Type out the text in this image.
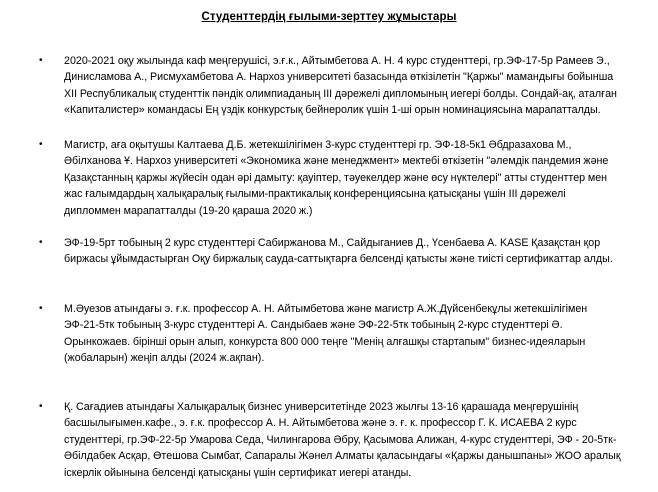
Студенттердің ғылыми-зерттеу жұмыстары
• 2020-2021 оқу жылында каф меңгерушісі, э.ғ.к., Айтымбетова А. Н. 4 курс студенттері, гр.ЭФ-17-5р Рамеев Э., Динисламова А., Рисмухамбетова А. Нархоз университеті базасында өткізілетін "Қаржы" мамандығы бойынша XII Республикалық студенттік пәндік олимпиаданың III дәрежелі дипломының иегері болды. Сондай-ақ, аталған «Капиталистер» командасы Ең үздік конкурстық бейнеролик үшін 1-ші орын номинациясына марапатталды.
• Магистр, аға оқытушы Калтаева Д.Б. жетекшілігімен 3-курс студенттері гр. ЭФ-18-5к1 Әбдразахова М., Әбілханова Ұ. Нархоз университеті «Экономика және менеджмент» мектебі өткізетін "әлемдік пандемия және Қазақстанның қаржы жүйесін одан әрі дамыту: қауіптер, тәуекелдер және өсу нүктелері" атты студенттер мен жас ғалымдардың халықаралық ғылыми-практикалық конференциясына қатысқаны үшін III дәрежелі дипломмен марапатталды (19-20 қараша 2020 ж.)
• ЭФ-19-5рт тобының 2 курс студенттері Сабиржанова М., Сайдыганиев Д., Үсенбаева А. KASE Қазақстан қор биржасы ұйымдастырған Оқу биржалық сауда-саттықтарға белсенді қатысты және тиісті сертификаттар алды.
• М.Әуезов атындағы э. ғ.к. профессор А. Н. Айтымбетова және магистр А.Ж.Дүйсенбекұлы жетекшілігімен ЭФ-21-5тк тобының 3-курс студенттері А. Сандыбаев және ЭФ-22-5тк тобының 2-курс студенттері Ә. Орынкожаев. бірінші орын алып, конкурста 800 000 теңге "Менің алғашқы стартапым" бизнес-идеяларын (жобаларын) жеңіп алды (2024 ж.ақпан).
• Қ. Сағадиев атындағы Халықаралық бизнес университетінде 2023 жылғы 13-16 қарашада меңгерушінің басшылығымен.кафе., э. ғ.к. профессор А. Н. Айтымбетова және э. ғ. к. профессор Г. К. ИСАЕВА 2 курс студенттері, гр.ЭФ-22-5р Умарова Седа, Чилингарова Әбру, Қасымова Алижан, 4-курс студенттері, ЭФ - 20-5тк-Әбілдабек Асқар, Өтешова Сымбат, Сапаралы Жәнел Алматы қаласындағы «Қаржы данышпаны» ЖОО аралық іскерлік ойынына белсенді қатысқаны үшін сертификат иегері атанды.
